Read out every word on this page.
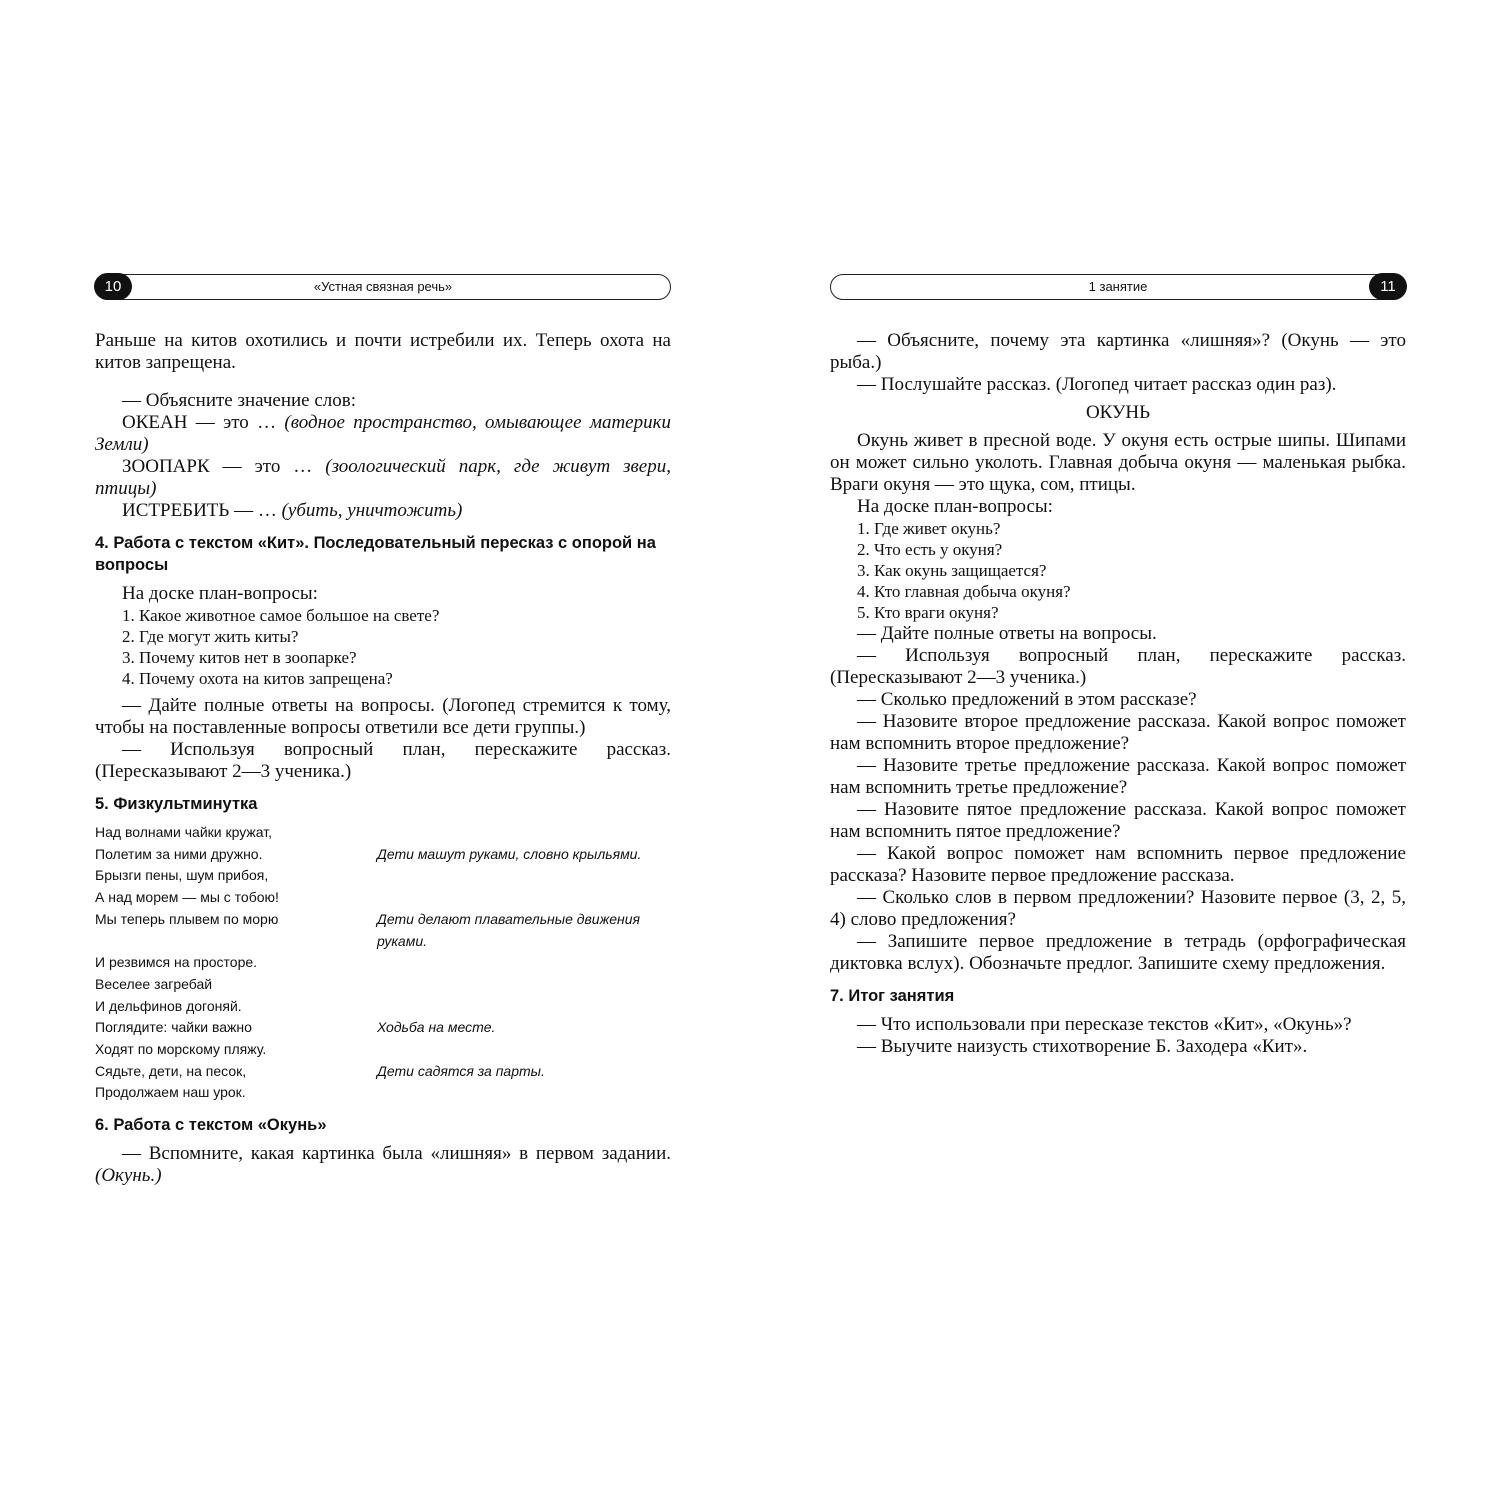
«Устная связная речь»
10

Раньше на китов охотились и почти истребили их. Теперь охота на китов запрещена.

— Объясните значение слов:

ОКЕАН — это … (водное пространство, омывающее материки Земли)

ЗООПАРК — это … (зоологический парк, где живут звери, птицы)

ИСТРЕБИТЬ — … (убить, уничтожить)

4. Работа с текстом «Кит». Последовательный пересказ с опорой на вопросы

На доске план-вопросы:

1. Какое животное самое большое на свете?
2. Где могут жить киты?
3. Почему китов нет в зоопарке?
4. Почему охота на китов запрещена?

— Дайте полные ответы на вопросы. (Логопед стремится к тому, чтобы на поставленные вопросы ответили все дети группы.)

— Используя вопросный план, перескажите рассказ. (Пересказывают 2—3 ученика.)

5. Физкультминутка
Над волнами чайки кружат,
Полетим за ними дружно.	Дети машут руками, словно крыльями.
Брызги пены, шум прибоя,
А над морем — мы с тобою!
Мы теперь плывем по морю	Дети делают плавательные движения
руками.
И резвимся на просторе.
Веселее загребай
И дельфинов догоняй.
Поглядите: чайки важно	Ходьба на месте.
Ходят по морскому пляжу.
Сядьте, дети, на песок,	Дети садятся за парты.
Продолжаем наш урок.
6. Работа с текстом «Окунь»

— Вспомните, какая картинка была «лишняя» в первом задании. (Окунь.)

1 занятие	11

— Объясните, почему эта картинка «лишняя»? (Окунь — это рыба.)

— Послушайте рассказ. (Логопед читает рассказ один раз).

ОКУНЬ

Окунь живет в пресной воде. У окуня есть острые шипы. Шипами он может сильно уколоть. Главная добыча окуня — маленькая рыбка. Враги окуня — это щука, сом, птицы.

На доске план-вопросы:

1. Где живет окунь?
2. Что есть у окуня?
3. Как окунь защищается?
4. Кто главная добыча окуня?
5. Кто враги окуня?

— Дайте полные ответы на вопросы.

— Используя вопросный план, перескажите рассказ. (Пересказывают 2—3 ученика.)

— Сколько предложений в этом рассказе?

— Назовите второе предложение рассказа. Какой вопрос поможет нам вспомнить второе предложение?

— Назовите третье предложение рассказа. Какой вопрос поможет нам вспомнить третье предложение?

— Назовите пятое предложение рассказа. Какой вопрос поможет нам вспомнить пятое предложение?

— Какой вопрос поможет нам вспомнить первое предложение рассказа? Назовите первое предложение рассказа.

— Сколько слов в первом предложении? Назовите первое (3, 2, 5, 4) слово предложения?

— Запишите первое предложение в тетрадь (орфографическая диктовка вслух). Обозначьте предлог. Запишите схему предложения.

7. Итог занятия

— Что использовали при пересказе текстов «Кит», «Окунь»?

— Выучите наизусть стихотворение Б. Заходера «Кит».
